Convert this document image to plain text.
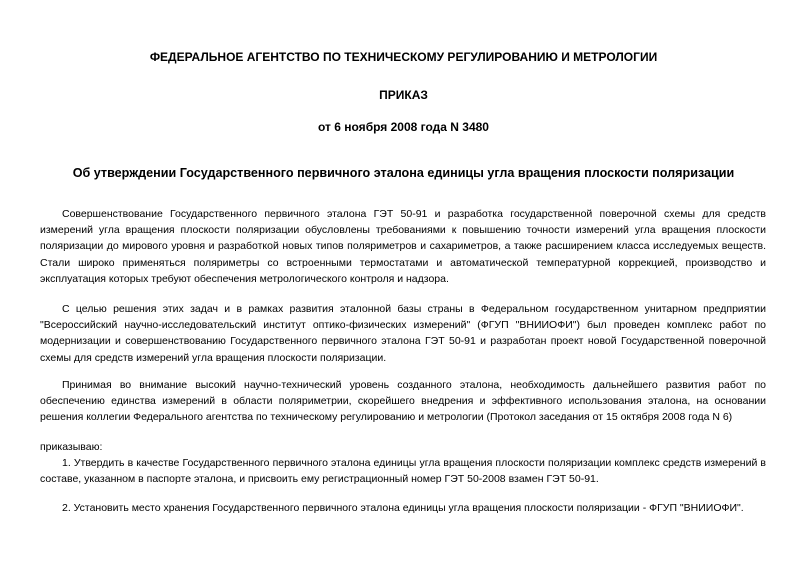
ФЕДЕРАЛЬНОЕ АГЕНТСТВО ПО ТЕХНИЧЕСКОМУ РЕГУЛИРОВАНИЮ И МЕТРОЛОГИИ
ПРИКАЗ
от 6 ноября 2008 года N 3480
Об утверждении Государственного первичного эталона единицы угла вращения плоскости поляризации

Совершенствование Государственного первичного эталона ГЭТ 50-91 и разработка государственной поверочной схемы для средств измерений угла вращения плоскости поляризации обусловлены требованиями к повышению точности измерений угла вращения плоскости поляризации до мирового уровня и разработкой новых типов поляриметров и сахариметров, а также расширением класса исследуемых веществ. Стали широко применяться поляриметры со встроенными термостатами и автоматической температурной коррекцией, производство и эксплуатация которых требуют обеспечения метрологического контроля и надзора.

С целью решения этих задач и в рамках развития эталонной базы страны в Федеральном государственном унитарном предприятии "Всероссийский научно-исследовательский институт оптико-физических измерений" (ФГУП "ВНИИОФИ") был проведен комплекс работ по модернизации и совершенствованию Государственного первичного эталона ГЭТ 50-91 и разработан проект новой Государственной поверочной схемы для средств измерений угла вращения плоскости поляризации.

Принимая во внимание высокий научно-технический уровень созданного эталона, необходимость дальнейшего развития работ по обеспечению единства измерений в области поляриметрии, скорейшего внедрения и эффективного использования эталона, на основании решения коллегии Федерального агентства по техническому регулированию и метрологии (Протокол заседания от 15 октября 2008 года N 6)

приказываю:

1. Утвердить в качестве Государственного первичного эталона единицы угла вращения плоскости поляризации комплекс средств измерений в составе, указанном в паспорте эталона, и присвоить ему регистрационный номер ГЭТ 50-2008 взамен ГЭТ 50-91.

2. Установить место хранения Государственного первичного эталона единицы угла вращения плоскости поляризации - ФГУП "ВНИИОФИ".
